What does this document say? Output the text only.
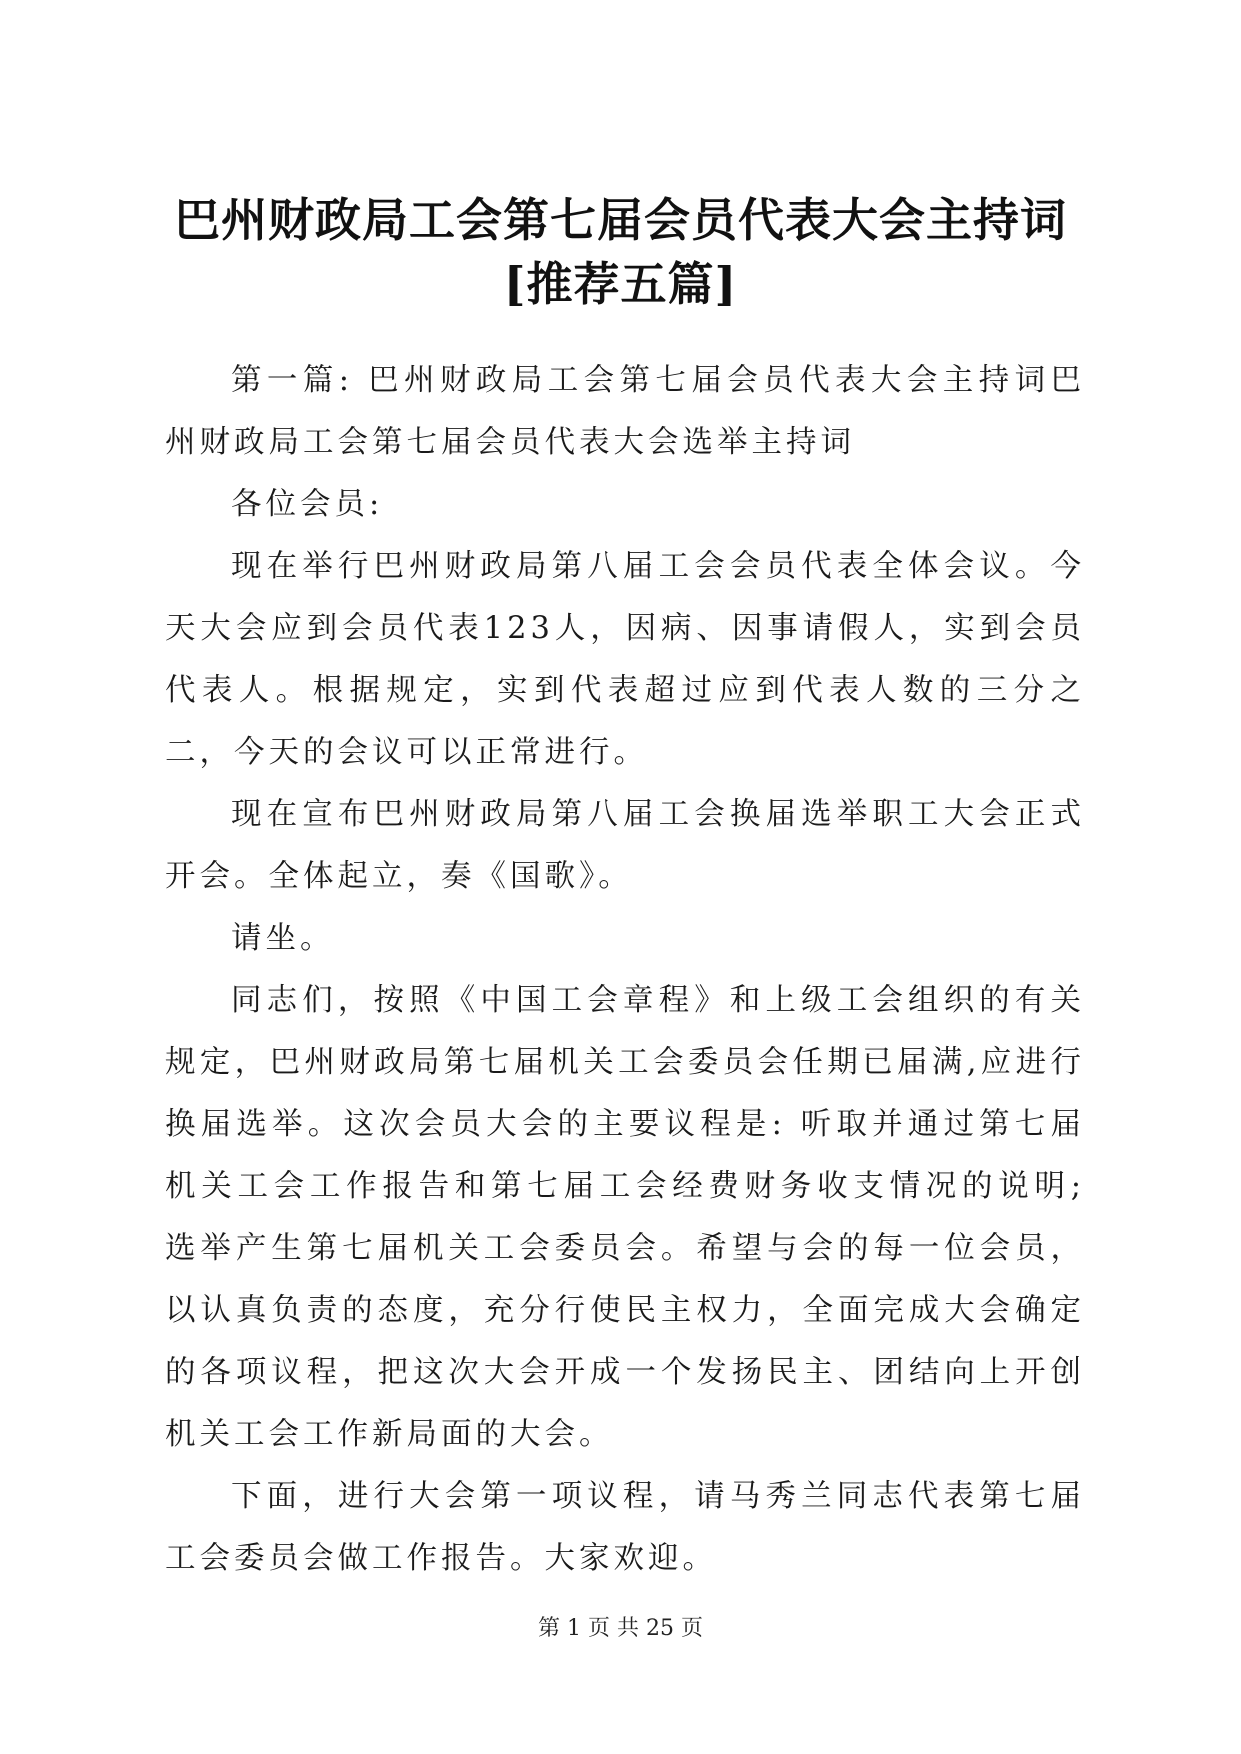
巴州财政局工会第七届会员代表大会主持词
[推荐五篇]

第一篇: 巴州财政局工会第七届会员代表大会主持词巴州财政局工会第七届会员代表大会选举主持词

各位会员:

现在举行巴州财政局第八届工会会员代表全体会议。今天大会应到会员代表123人，因病、因事请假人，实到会员代表人。根据规定，实到代表超过应到代表人数的三分之二，今天的会议可以正常进行。

现在宣布巴州财政局第八届工会换届选举职工大会正式开会。全体起立，奏《国歌》。

请坐。

同志们，按照《中国工会章程》和上级工会组织的有关规定，巴州财政局第七届机关工会委员会任期已届满,应进行换届选举。这次会员大会的主要议程是: 听取并通过第七届机关工会工作报告和第七届工会经费财务收支情况的说明; 选举产生第七届机关工会委员会。希望与会的每一位会员，以认真负责的态度，充分行使民主权力，全面完成大会确定的各项议程，把这次大会开成一个发扬民主、团结向上开创机关工会工作新局面的大会。

下面，进行大会第一项议程，请马秀兰同志代表第七届工会委员会做工作报告。大家欢迎。

第 1 页 共 25 页
